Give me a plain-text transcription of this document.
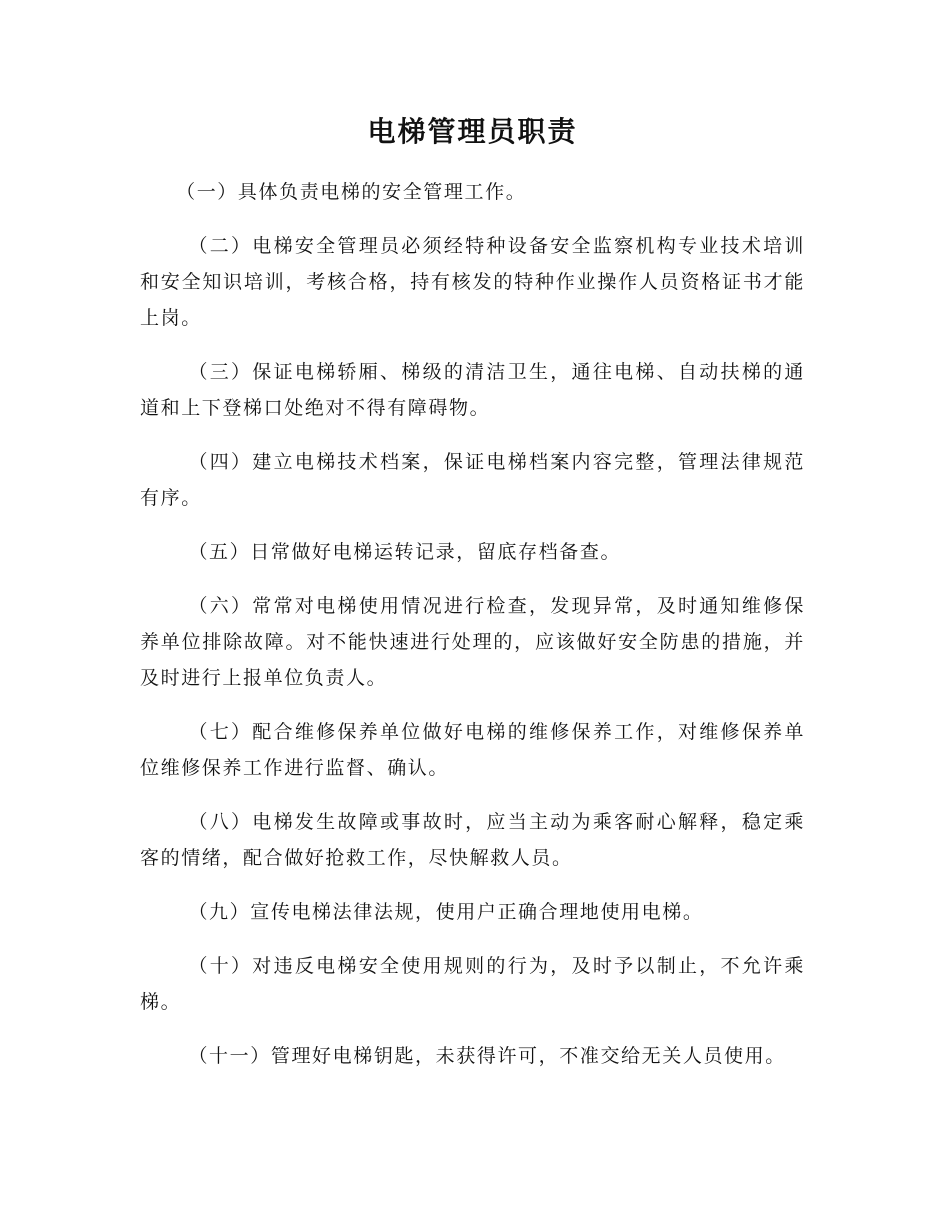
电梯管理员职责

（一）具体负责电梯的安全管理工作。

（二）电梯安全管理员必须经特种设备安全监察机构专业技术培训和安全知识培训，考核合格，持有核发的特种作业操作人员资格证书才能上岗。

（三）保证电梯轿厢、梯级的清洁卫生，通往电梯、自动扶梯的通道和上下登梯口处绝对不得有障碍物。

（四）建立电梯技术档案，保证电梯档案内容完整，管理法律规范有序。

（五）日常做好电梯运转记录，留底存档备查。

（六）常常对电梯使用情况进行检查，发现异常，及时通知维修保养单位排除故障。对不能快速进行处理的，应该做好安全防患的措施，并及时进行上报单位负责人。

（七）配合维修保养单位做好电梯的维修保养工作，对维修保养单位维修保养工作进行监督、确认。

（八）电梯发生故障或事故时，应当主动为乘客耐心解释，稳定乘客的情绪，配合做好抢救工作，尽快解救人员。

（九）宣传电梯法律法规，使用户正确合理地使用电梯。

（十）对违反电梯安全使用规则的行为，及时予以制止，不允许乘梯。

（十一）管理好电梯钥匙，未获得许可，不准交给无关人员使用。
